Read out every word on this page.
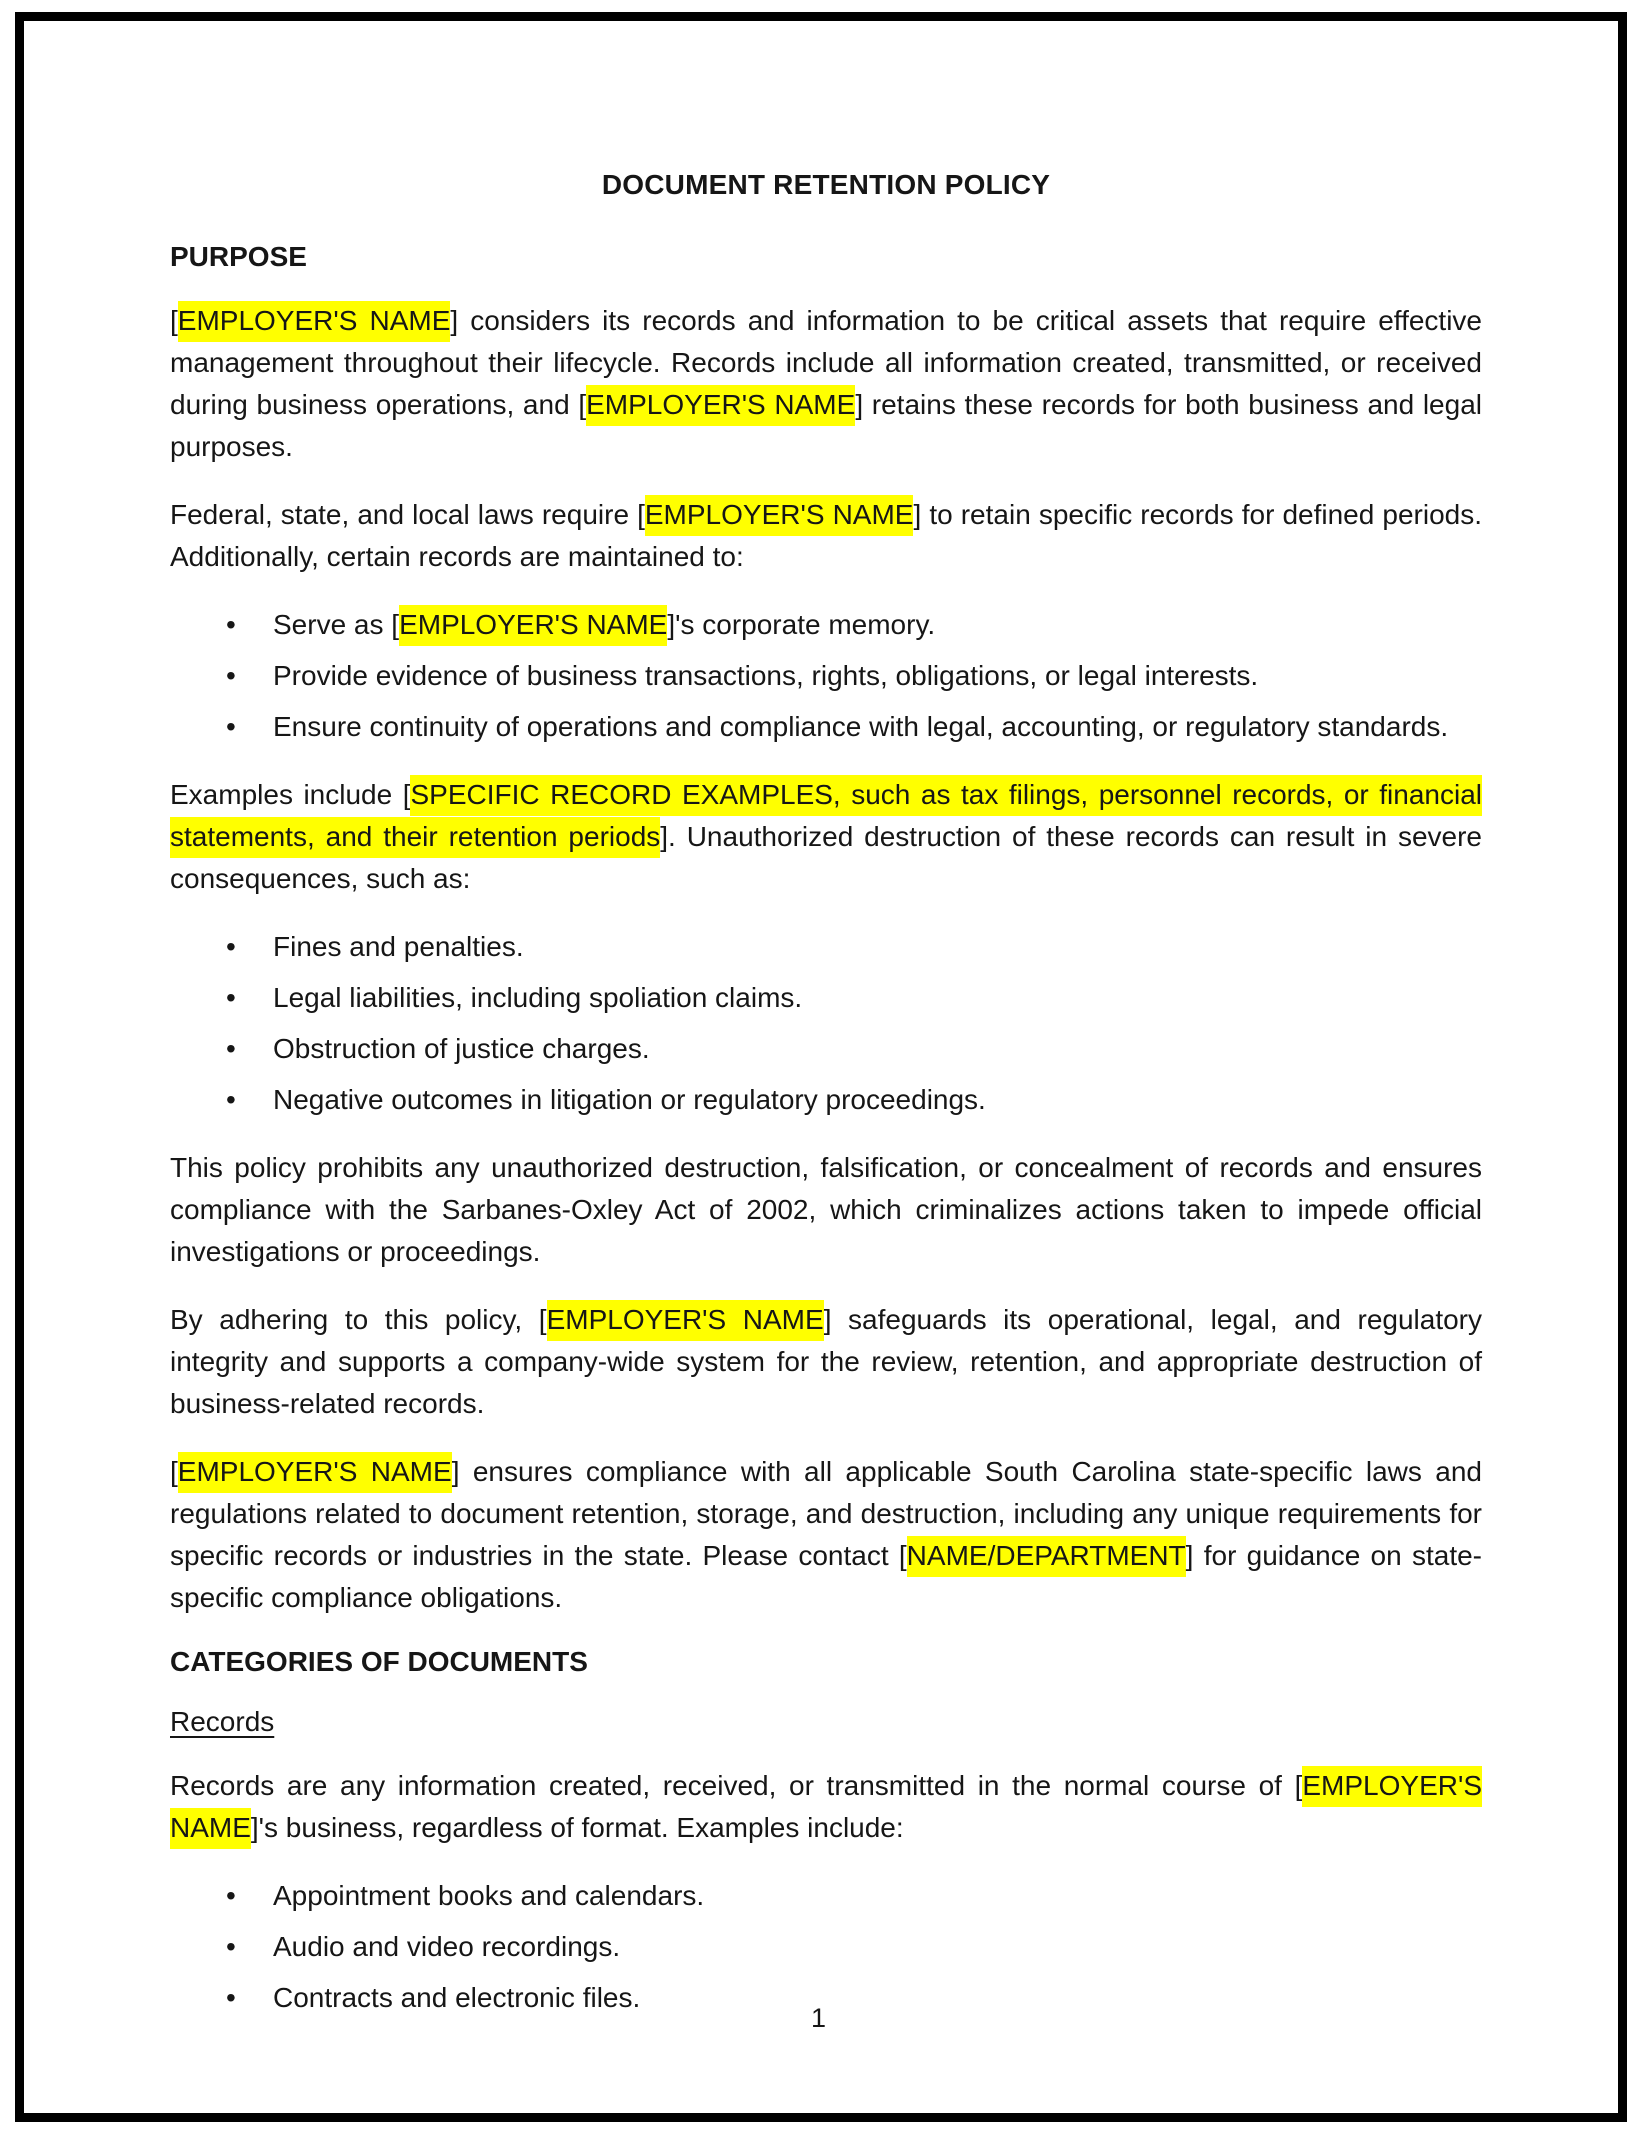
DOCUMENT RETENTION POLICY
PURPOSE

[EMPLOYER'S NAME] considers its records and information to be critical assets that require effective management throughout their lifecycle. Records include all information created, transmitted, or received during business operations, and [EMPLOYER'S NAME] retains these records for both business and legal purposes.

Federal, state, and local laws require [EMPLOYER'S NAME] to retain specific records for defined periods. Additionally, certain records are maintained to:

• Serve as [EMPLOYER'S NAME]'s corporate memory.
• Provide evidence of business transactions, rights, obligations, or legal interests.
• Ensure continuity of operations and compliance with legal, accounting, or regulatory standards.

Examples include [SPECIFIC RECORD EXAMPLES, such as tax filings, personnel records, or financial statements, and their retention periods]. Unauthorized destruction of these records can result in severe consequences, such as:

• Fines and penalties.
• Legal liabilities, including spoliation claims.
• Obstruction of justice charges.
• Negative outcomes in litigation or regulatory proceedings.

This policy prohibits any unauthorized destruction, falsification, or concealment of records and ensures compliance with the Sarbanes-Oxley Act of 2002, which criminalizes actions taken to impede official investigations or proceedings.

By adhering to this policy, [EMPLOYER'S NAME] safeguards its operational, legal, and regulatory integrity and supports a company-wide system for the review, retention, and appropriate destruction of business-related records.

[EMPLOYER'S NAME] ensures compliance with all applicable South Carolina state-specific laws and regulations related to document retention, storage, and destruction, including any unique requirements for specific records or industries in the state. Please contact [NAME/DEPARTMENT] for guidance on state-specific compliance obligations.

CATEGORIES OF DOCUMENTS
Records

Records are any information created, received, or transmitted in the normal course of [EMPLOYER'S NAME]'s business, regardless of format. Examples include:

• Appointment books and calendars.
• Audio and video recordings.
• Contracts and electronic files.
1
